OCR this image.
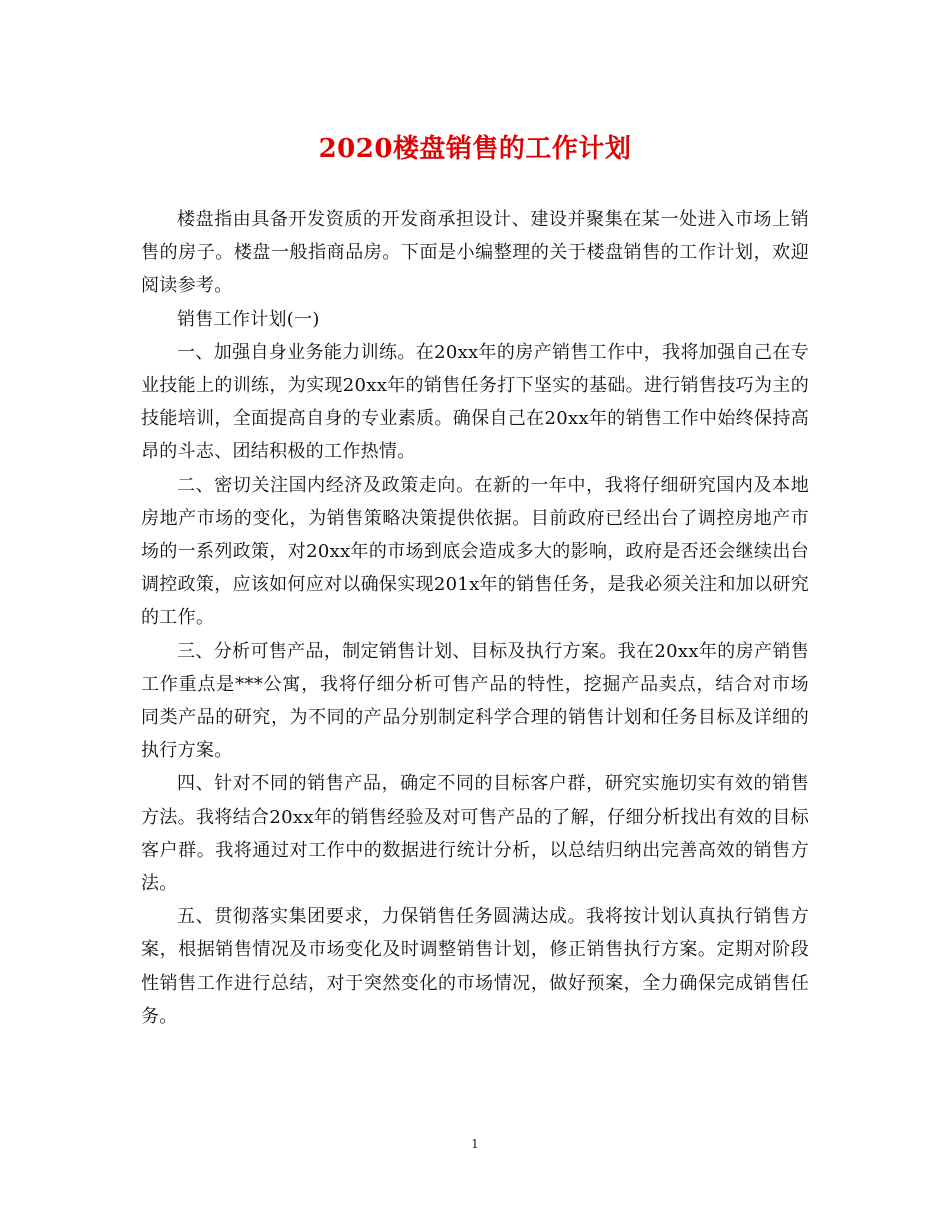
2020楼盘销售的工作计划

楼盘指由具备开发资质的开发商承担设计、建设并聚集在某一处进入市场上销售的房子。楼盘一般指商品房。下面是小编整理的关于楼盘销售的工作计划，欢迎阅读参考。

销售工作计划(一)

一、加强自身业务能力训练。在20xx年的房产销售工作中，我将加强自己在专业技能上的训练，为实现20xx年的销售任务打下坚实的基础。进行销售技巧为主的技能培训，全面提高自身的专业素质。确保自己在20xx年的销售工作中始终保持高昂的斗志、团结积极的工作热情。

二、密切关注国内经济及政策走向。在新的一年中，我将仔细研究国内及本地房地产市场的变化，为销售策略决策提供依据。目前政府已经出台了调控房地产市场的一系列政策，对20xx年的市场到底会造成多大的影响，政府是否还会继续出台调控政策，应该如何应对以确保实现201x年的销售任务，是我必须关注和加以研究的工作。

三、分析可售产品，制定销售计划、目标及执行方案。我在20xx年的房产销售工作重点是***公寓，我将仔细分析可售产品的特性，挖掘产品卖点，结合对市场同类产品的研究，为不同的产品分别制定科学合理的销售计划和任务目标及详细的执行方案。

四、针对不同的销售产品，确定不同的目标客户群，研究实施切实有效的销售方法。我将结合20xx年的销售经验及对可售产品的了解，仔细分析找出有效的目标客户群。我将通过对工作中的数据进行统计分析，以总结归纳出完善高效的销售方法。

五、贯彻落实集团要求，力保销售任务圆满达成。我将按计划认真执行销售方案，根据销售情况及市场变化及时调整销售计划，修正销售执行方案。定期对阶段性销售工作进行总结，对于突然变化的市场情况，做好预案，全力确保完成销售任务。

1
